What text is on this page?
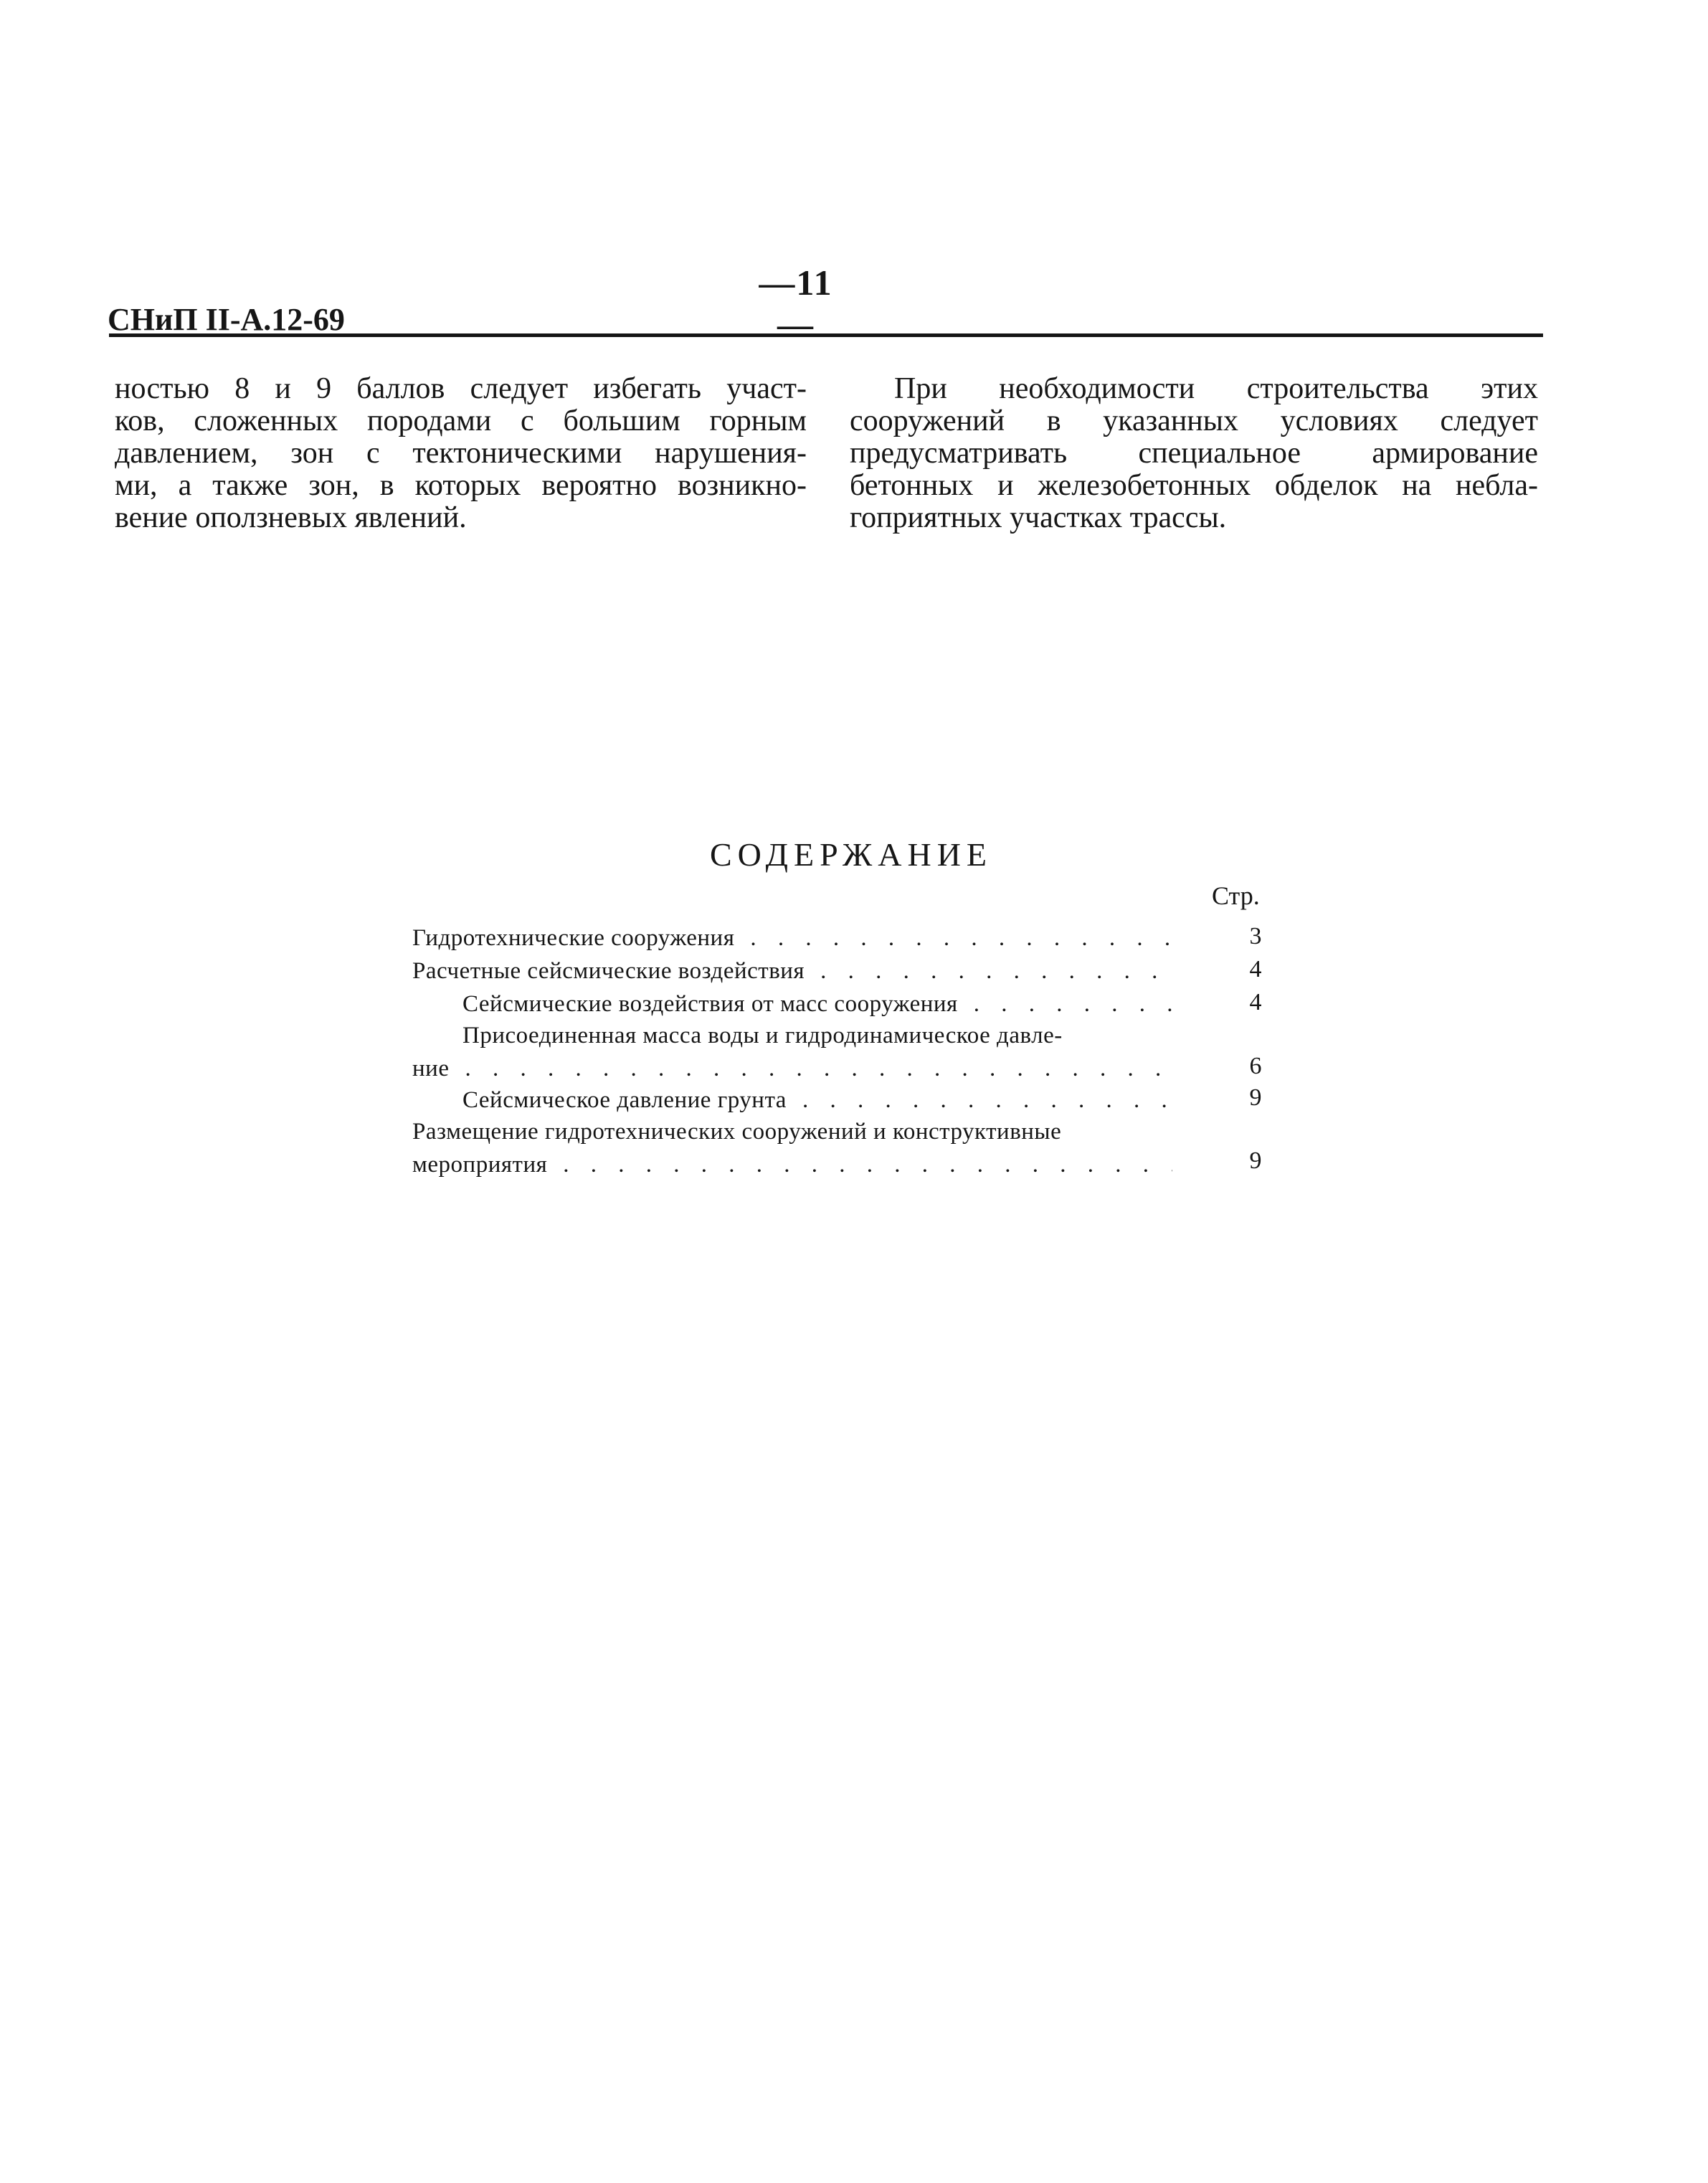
—11—
СНиП II-А.12-69
ностью 8 и 9 баллов следует избегать участ-
ков, сложенных породами с большим горным
давлением, зон с тектоническими нарушения-
ми, а также зон, в которых вероятно возникно-
вение оползневых явлений.
При необходимости строительства этих
сооружений в указанных условиях следует
предусматривать специальное армирование
бетонных и железобетонных обделок на небла-
гоприятных участках трассы.
СОДЕРЖАНИЕ
Стр.
Гидротехнические сооружения . . .	3
Расчетные сейсмические воздействия . . .	4
Сейсмические воздействия от масс сооружения . . .	4
Присоединенная масса воды и гидродинамическое давле-
ние . . .	6
Сейсмическое давление грунта . . .	9
Размещение гидротехнических сооружений и конструктивные
мероприятия . . .	9
